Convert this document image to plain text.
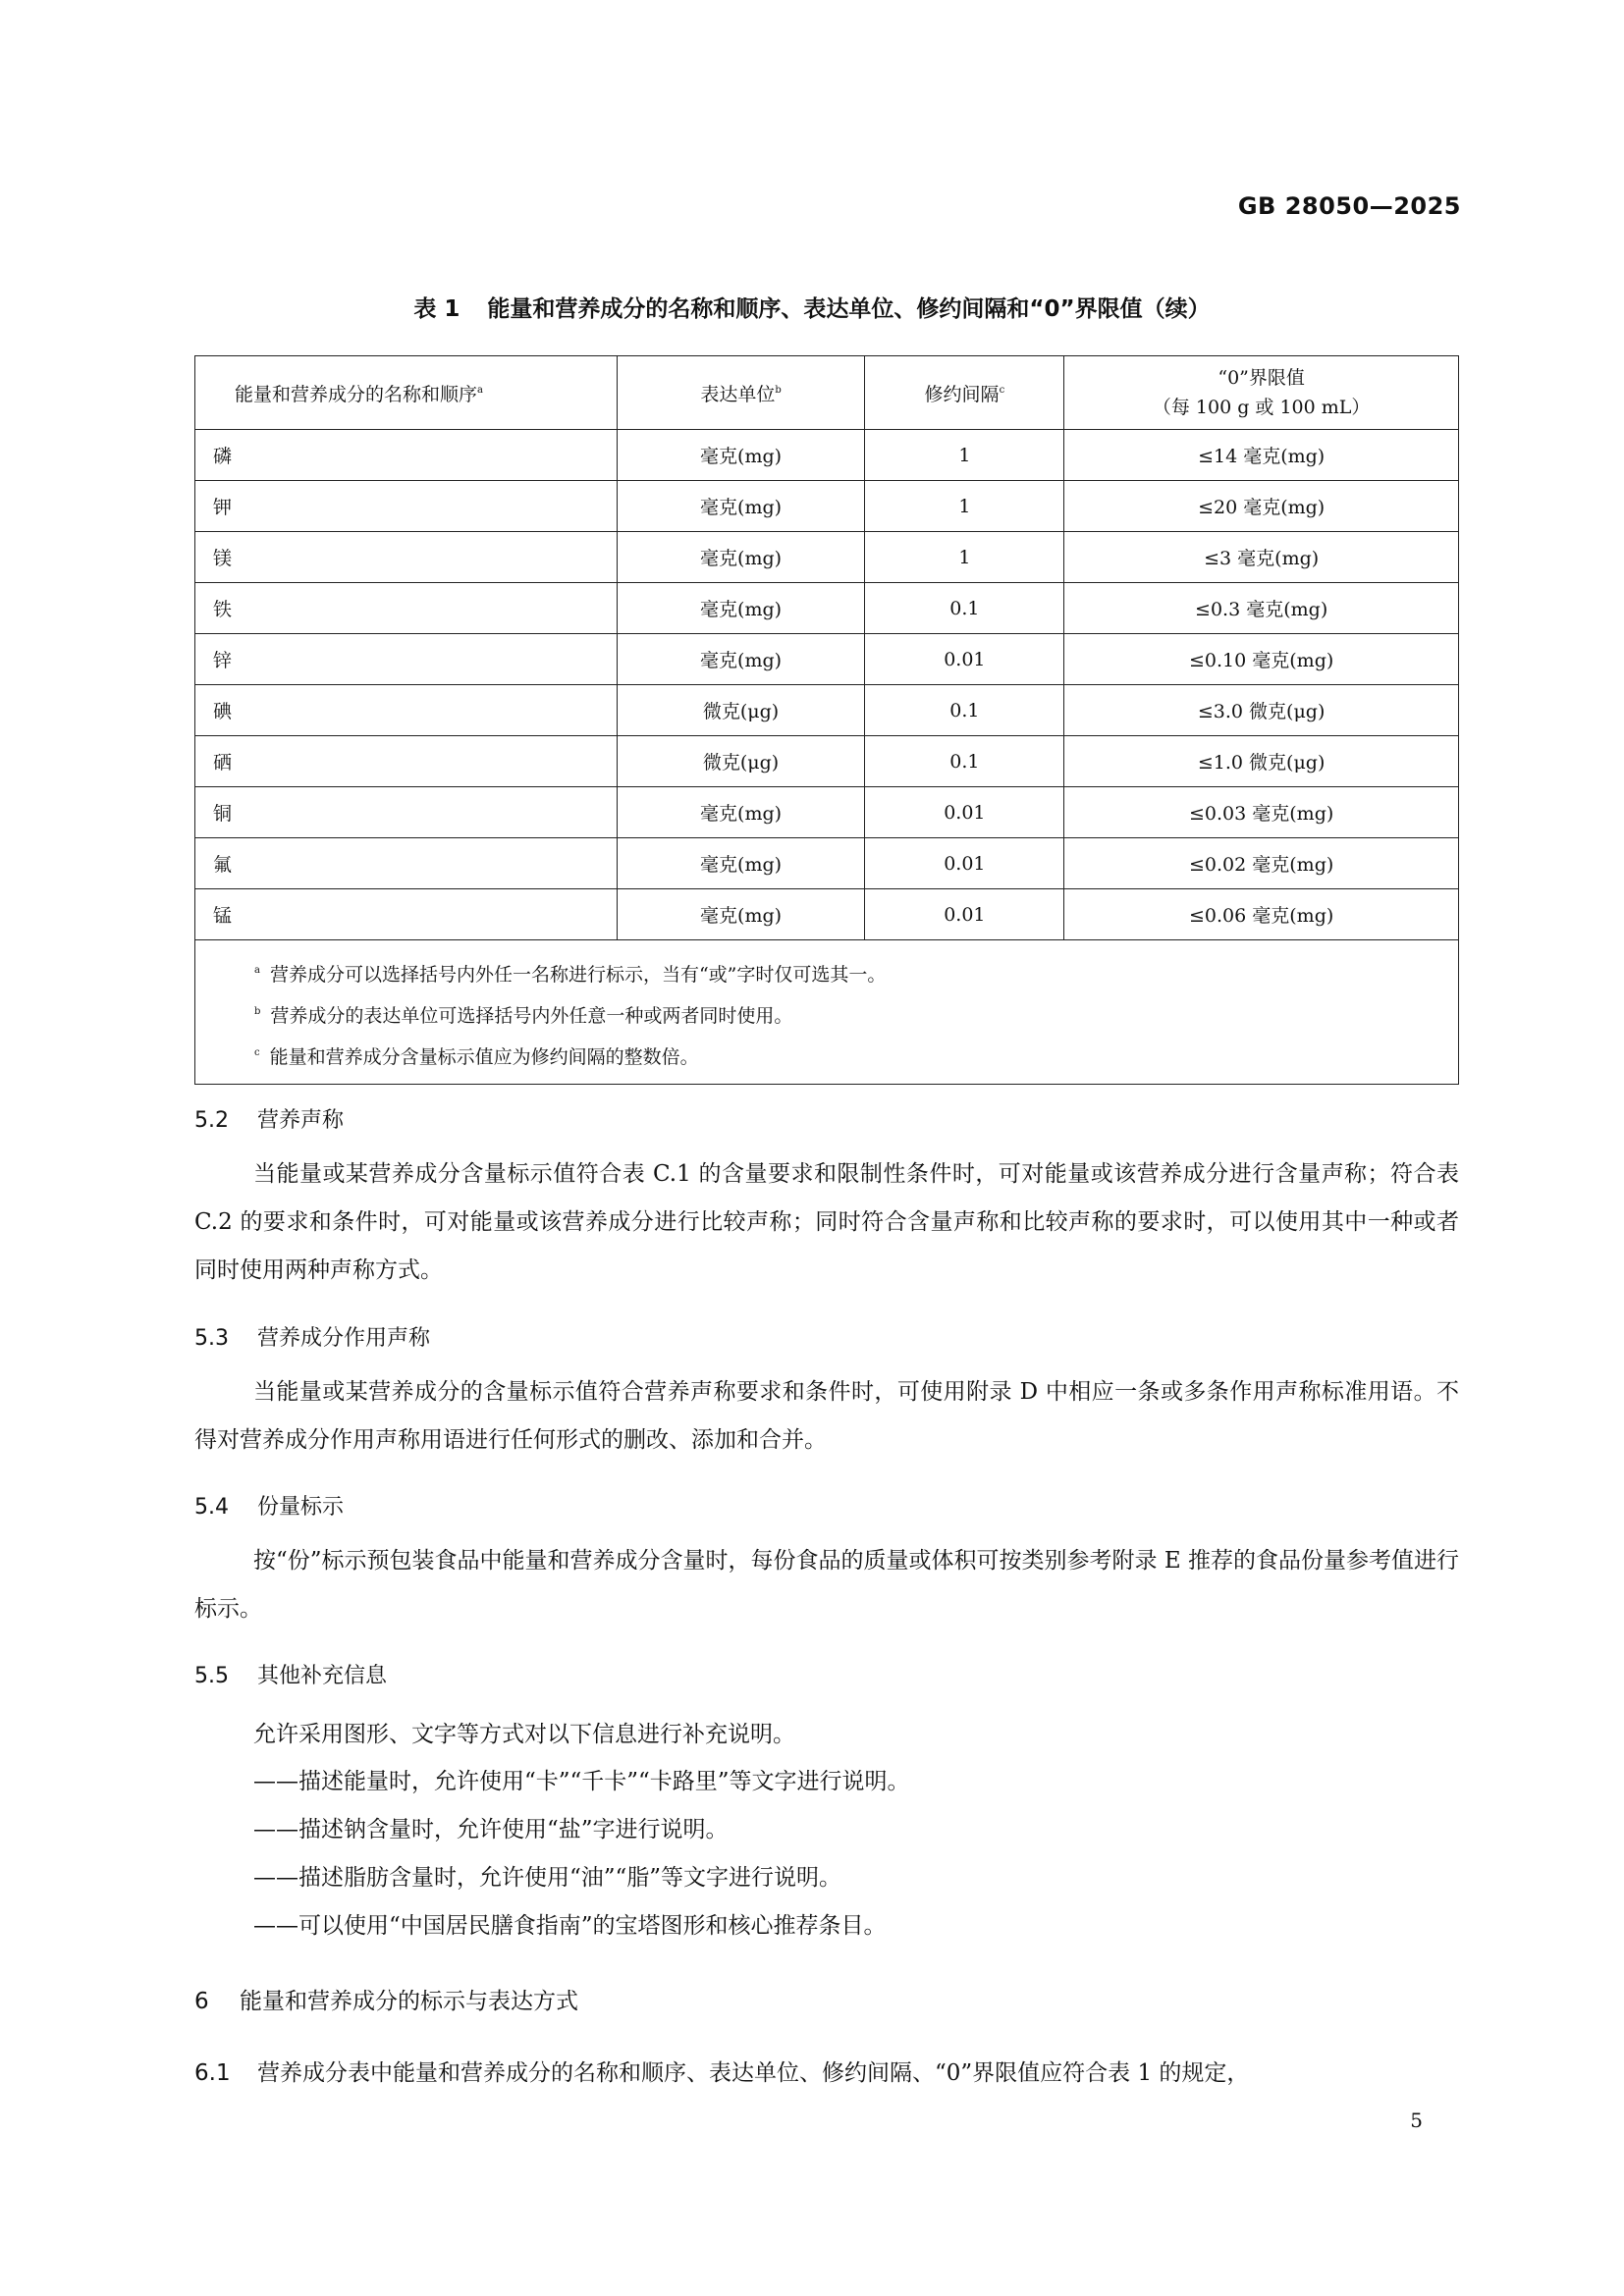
GB 28050—2025
表 1 能量和营养成分的名称和顺序、表达单位、修约间隔和“0”界限值（续）
能量和营养成分的名称和顺序$^a$	表达单位$^b$	修约间隔$^c$	“0”界限值
（每 100 g 或 100 mL）

磷	毫克(mg)	1	≤14 毫克(mg)
钾	毫克(mg)	1	≤20 毫克(mg)
镁	毫克(mg)	1	≤3 毫克(mg)
铁	毫克(mg)	0.1	≤0.3 毫克(mg)
锌	毫克(mg)	0.01	≤0.10 毫克(mg)
碘	微克(μg)	0.1	≤3.0 微克(μg)
硒	微克(μg)	0.1	≤1.0 微克(μg)
铜	毫克(mg)	0.01	≤0.03 毫克(mg)
氟	毫克(mg)	0.01	≤0.02 毫克(mg)
锰	毫克(mg)	0.01	≤0.06 毫克(mg)

$^a$ 营养成分可以选择括号内外任一名称进行标示，当有“或”字时仅可选其一。
$^b$ 营养成分的表达单位可选择括号内外任意一种或两者同时使用。
$^c$ 能量和营养成分含量标示值应为修约间隔的整数倍。			
5.2 营养声称
当能量或某营养成分含量标示值符合表 C.1 的含量要求和限制性条件时，可对能量或该营养成分进行含量声称；符合表 C.2 的要求和条件时，可对能量或该营养成分进行比较声称；同时符合含量声称和比较声称的要求时，可以使用其中一种或者同时使用两种声称方式。
5.3 营养成分作用声称
当能量或某营养成分的含量标示值符合营养声称要求和条件时，可使用附录 D 中相应一条或多条作用声称标准用语。不得对营养成分作用声称用语进行任何形式的删改、添加和合并。
5.4 份量标示
按“份”标示预包装食品中能量和营养成分含量时，每份食品的质量或体积可按类别参考附录 E 推荐的食品份量参考值进行标示。
5.5 其他补充信息
允许采用图形、文字等方式对以下信息进行补充说明。
——描述能量时，允许使用“卡”“千卡”“卡路里”等文字进行说明。
——描述钠含量时，允许使用“盐”字进行说明。
——描述脂肪含量时，允许使用“油”“脂”等文字进行说明。
——可以使用“中国居民膳食指南”的宝塔图形和核心推荐条目。
6 能量和营养成分的标示与表达方式
6.1 营养成分表中能量和营养成分的名称和顺序、表达单位、修约间隔、“0”界限值应符合表 1 的规定，
5
